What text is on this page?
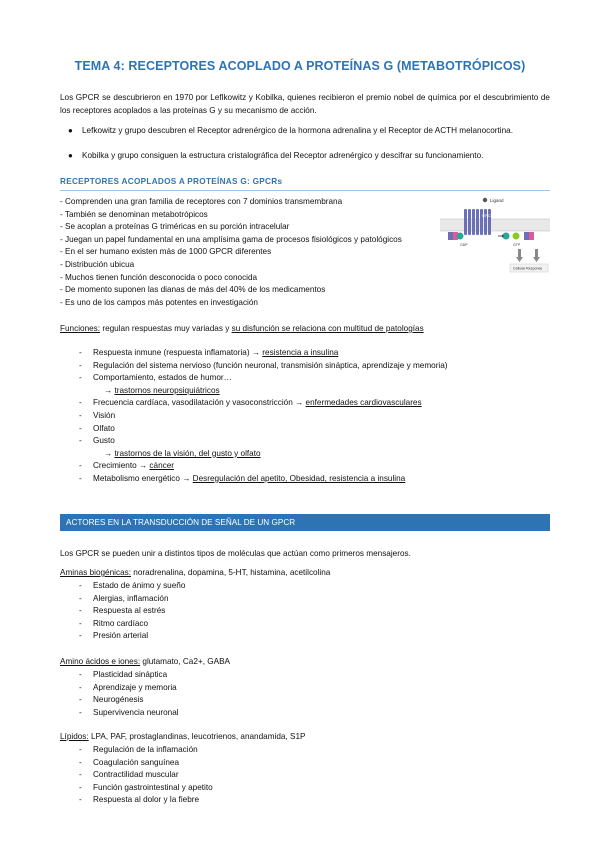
TEMA 4: RECEPTORES ACOPLADO A PROTEÍNAS G (METABOTRÓPICOS)
Los GPCR se descubrieron en 1970 por Leflkowitz y Kobilka, quienes recibieron el premio nobel de química por el descubrimiento de los receptores acoplados a las proteínas G y su mecanismo de acción.
● Lefkowitz y grupo descubren el Receptor adrenérgico de la hormona adrenalina y el Receptor de ACTH melanocortina.
● Kobilka y grupo consiguen la estructura cristalográfica del Receptor adrenérgico y descifrar su funcionamiento.
RECEPTORES ACOPLADOS A PROTEÍNAS G: GPCRs
- Comprenden una gran familia de receptores con 7 dominios transmembrana
- También se denominan metabotrópicos
- Se acoplan a proteínas G triméricas en su porción intracelular
- Juegan un papel fundamental en una amplísima gama de procesos fisiológicos y patológicos
- En el ser humano existen más de 1000 GPCR diferentes
- Distribución ubicua
- Muchos tienen función desconocida o poco conocida
- De momento suponen las dianas de más del 40% de los medicamentos
- Es uno de los campos más potentes en investigación
Ligand
GPCR
GDP	GTP
Cellular Response
Funciones: regulan respuestas muy variadas y su disfunción se relaciona con multitud de patologías
- Respuesta inmune (respuesta inflamatoria) → resistencia a insulina
- Regulación del sistema nervioso (función neuronal, transmisión sináptica, aprendizaje y memoria)
- Comportamiento, estados de humor…
→ trastornos neuropsiquiátricos
- Frecuencia cardíaca, vasodilatación y vasoconstricción → enfermedades cardiovasculares
- Visión
- Olfato
- Gusto
→ trastornos de la visión, del gusto y olfato
- Crecimiento → cáncer
- Metabolismo energético → Desregulación del apetito, Obesidad, resistencia a insulina
ACTORES EN LA TRANSDUCCIÓN DE SEÑAL DE UN GPCR
Los GPCR se pueden unir a distintos tipos de moléculas que actúan como primeros mensajeros.
Aminas biogénicas: noradrenalina, dopamina, 5-HT, histamina, acetilcolina
- Estado de ánimo y sueño
- Alergias, inflamación
- Respuesta al estrés
- Ritmo cardíaco
- Presión arterial
Amino ácidos e iones: glutamato, Ca2+, GABA
- Plasticidad sináptica
- Aprendizaje y memoria
- Neurogénesis
- Supervivencia neuronal
Lípidos: LPA, PAF, prostaglandinas, leucotrienos, anandamida, S1P
- Regulación de la inflamación
- Coagulación sanguínea
- Contractilidad muscular
- Función gastrointestinal y apetito
- Respuesta al dolor y la fiebre
